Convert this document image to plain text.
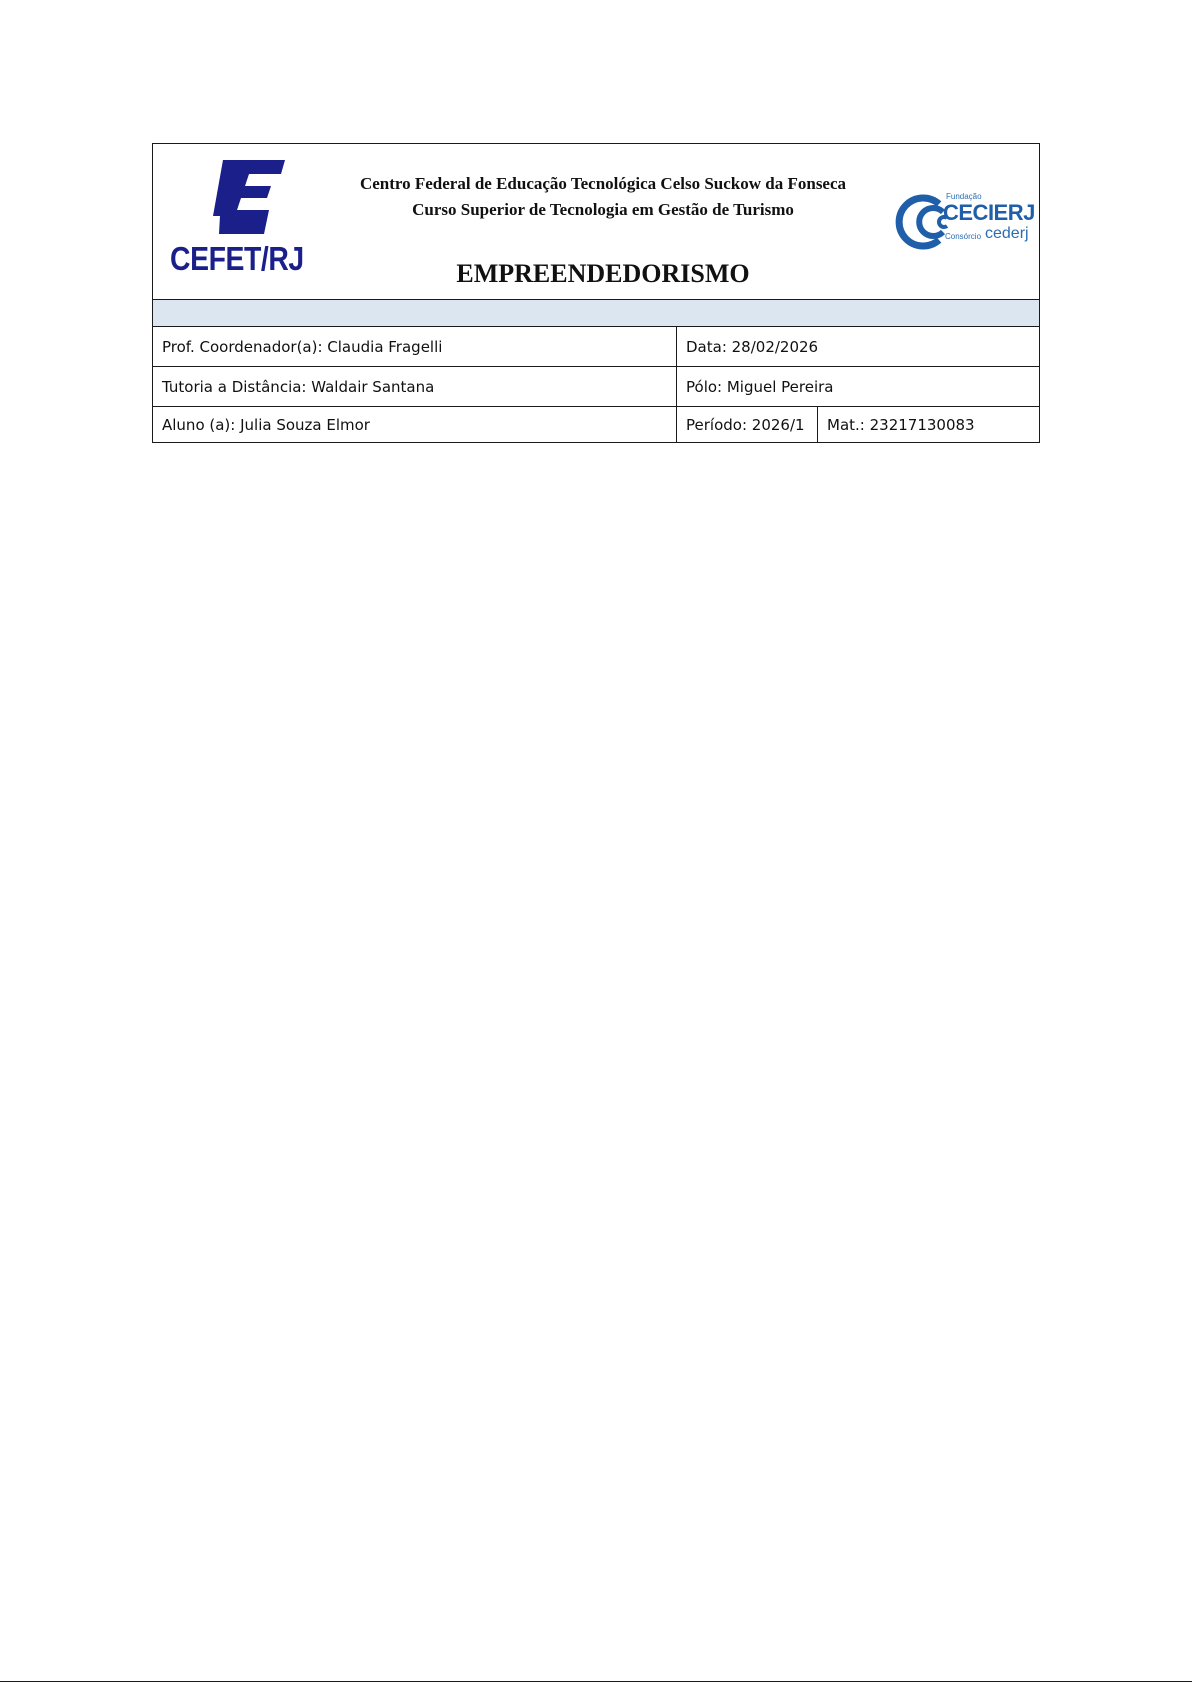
CEFET/RJ
Centro Federal de Educação Tecnológica Celso Suckow da Fonseca
Curso Superior de Tecnologia em Gestão de Turismo
EMPREENDEDORISMO
Fundação
CECIERJ
Consórcio cederj
Prof. Coordenador(a): Claudia Fragelli	Data: 28/02/2026
Tutoria a Distância: Waldair Santana	Pólo: Miguel Pereira
Aluno (a): Julia Souza Elmor	Período: 2026/1	Mat.: 23217130083
